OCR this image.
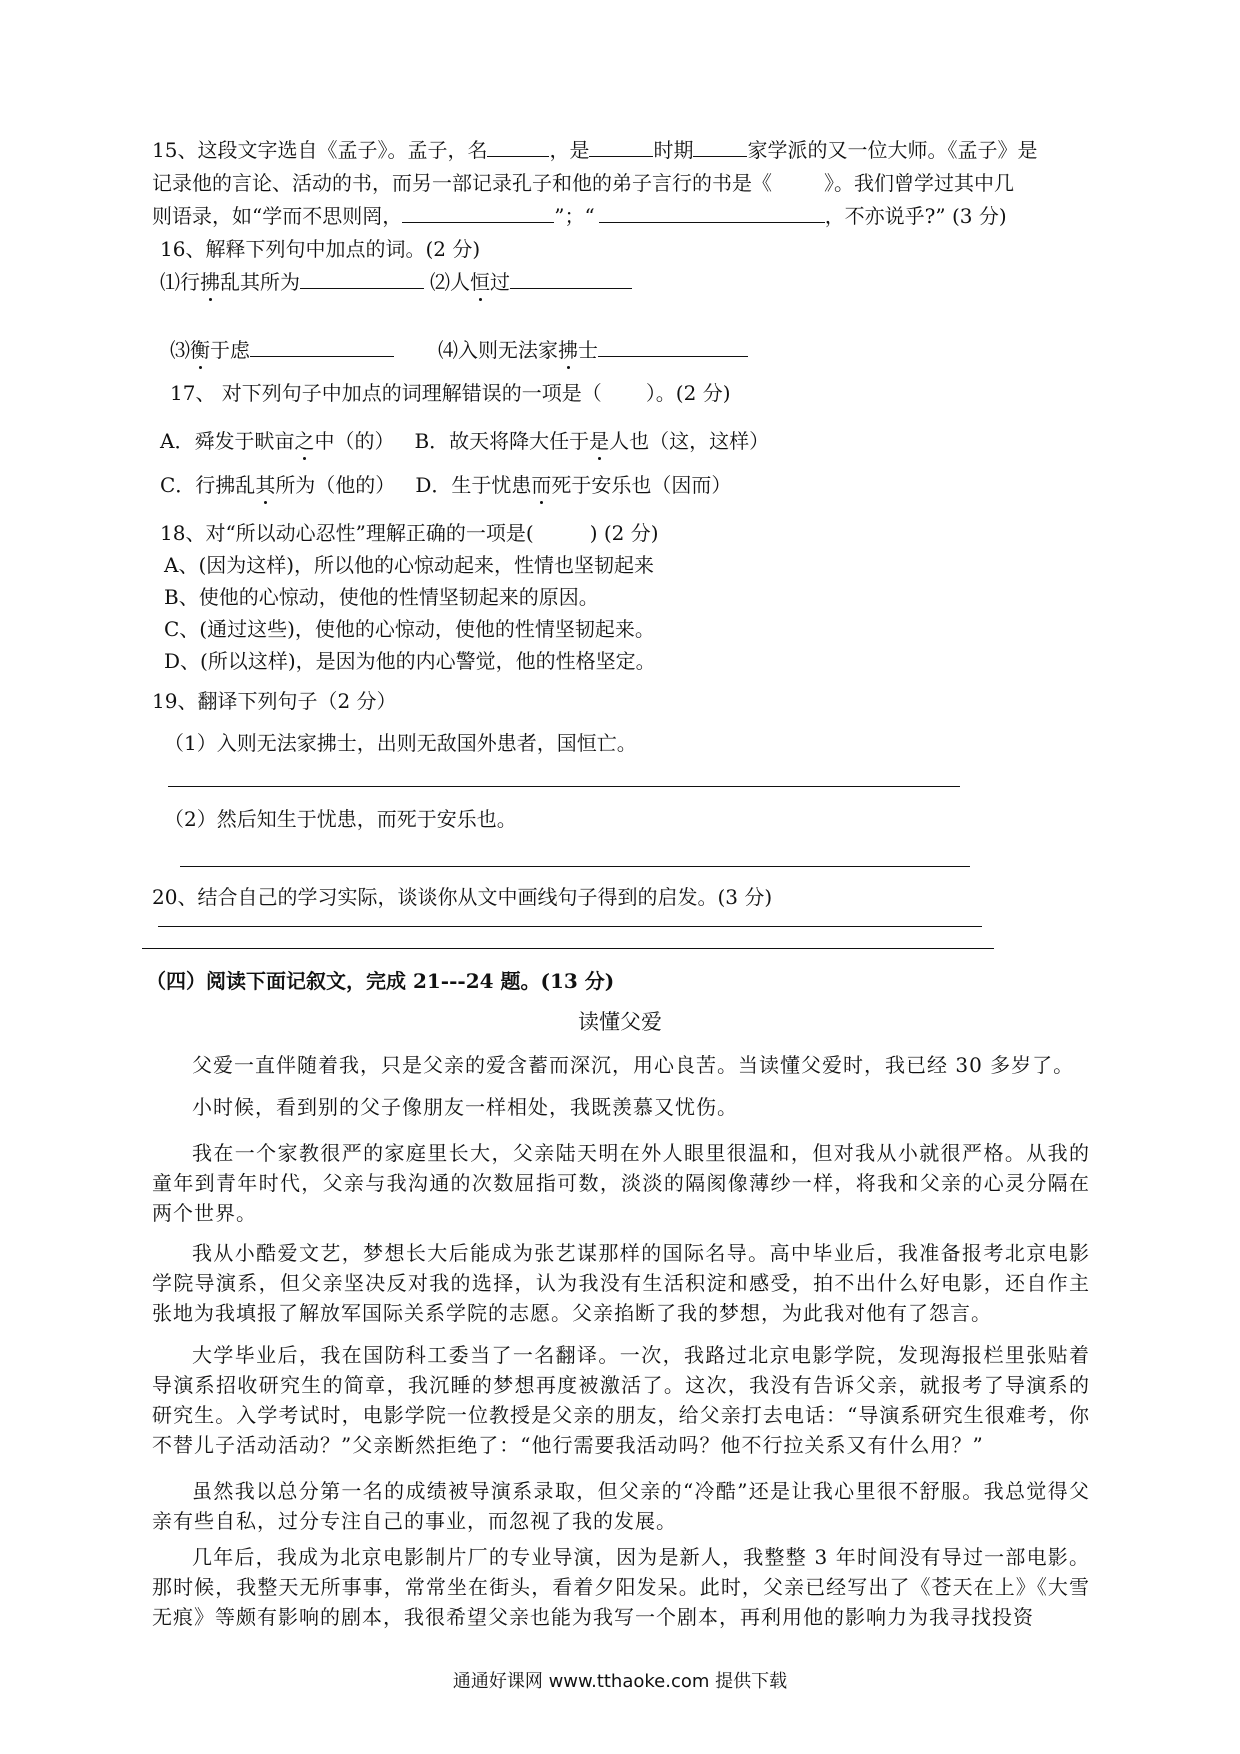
15、这段文字选自《孟子》。孟子，名	，是	时期	家学派的又一位大师。《孟子》是
记录他的言论、活动的书，而另一部记录孔子和他的弟子言行的书是《	》。我们曾学过其中几
则语录，如“学而不思则罔，	”；“	，不亦说乎?” (3 分)
16、解释下列句中加点的词。(2 分)
⑴行拂乱其所为	⑵人恒过
⑶衡于虑	⑷入则无法家拂士
17、 对下列句子中加点的词理解错误的一项是（ ）。(2 分)
A．舜发于畎亩之中（的） B．故天将降大任于是人也（这，这样）
C．行拂乱其所为（他的） D．生于忧患而死于安乐也（因而）
18、对“所以动心忍性”理解正确的一项是(	) (2 分)
A、(因为这样)，所以他的心惊动起来，性情也坚韧起来
B、使他的心惊动，使他的性情坚韧起来的原因。
C、(通过这些)，使他的心惊动，使他的性情坚韧起来。
D、(所以这样)，是因为他的内心警觉，他的性格坚定。
19、翻译下列句子（2 分）
（1）入则无法家拂士，出则无敌国外患者，国恒亡。
（2）然后知生于忧患，而死于安乐也。
20、结合自己的学习实际，谈谈你从文中画线句子得到的启发。(3 分)
（四）阅读下面记叙文，完成 21---24 题。(13 分)
读懂父爱
父爱一直伴随着我，只是父亲的爱含蓄而深沉，用心良苦。当读懂父爱时，我已经 30 多岁了。
小时候，看到别的父子像朋友一样相处，我既羡慕又忧伤。
我在一个家教很严的家庭里长大，父亲陆天明在外人眼里很温和，但对我从小就很严格。从我的童年到青年时代，父亲与我沟通的次数屈指可数，淡淡的隔阂像薄纱一样，将我和父亲的心灵分隔在两个世界。
我从小酷爱文艺，梦想长大后能成为张艺谋那样的国际名导。高中毕业后，我准备报考北京电影学院导演系，但父亲坚决反对我的选择，认为我没有生活积淀和感受，拍不出什么好电影，还自作主张地为我填报了解放军国际关系学院的志愿。父亲掐断了我的梦想，为此我对他有了怨言。
大学毕业后，我在国防科工委当了一名翻译。一次，我路过北京电影学院，发现海报栏里张贴着导演系招收研究生的简章，我沉睡的梦想再度被激活了。这次，我没有告诉父亲，就报考了导演系的研究生。入学考试时，电影学院一位教授是父亲的朋友，给父亲打去电话：“导演系研究生很难考，你不替儿子活动活动？”父亲断然拒绝了：“他行需要我活动吗？他不行拉关系又有什么用？”
虽然我以总分第一名的成绩被导演系录取，但父亲的“冷酷”还是让我心里很不舒服。我总觉得父亲有些自私，过分专注自己的事业，而忽视了我的发展。
几年后，我成为北京电影制片厂的专业导演，因为是新人，我整整 3 年时间没有导过一部电影。那时候，我整天无所事事，常常坐在街头，看着夕阳发呆。此时，父亲已经写出了《苍天在上》《大雪无痕》等颇有影响的剧本，我很希望父亲也能为我写一个剧本，再利用他的影响力为我寻找投资
通通好课网 www.tthaoke.com 提供下载
